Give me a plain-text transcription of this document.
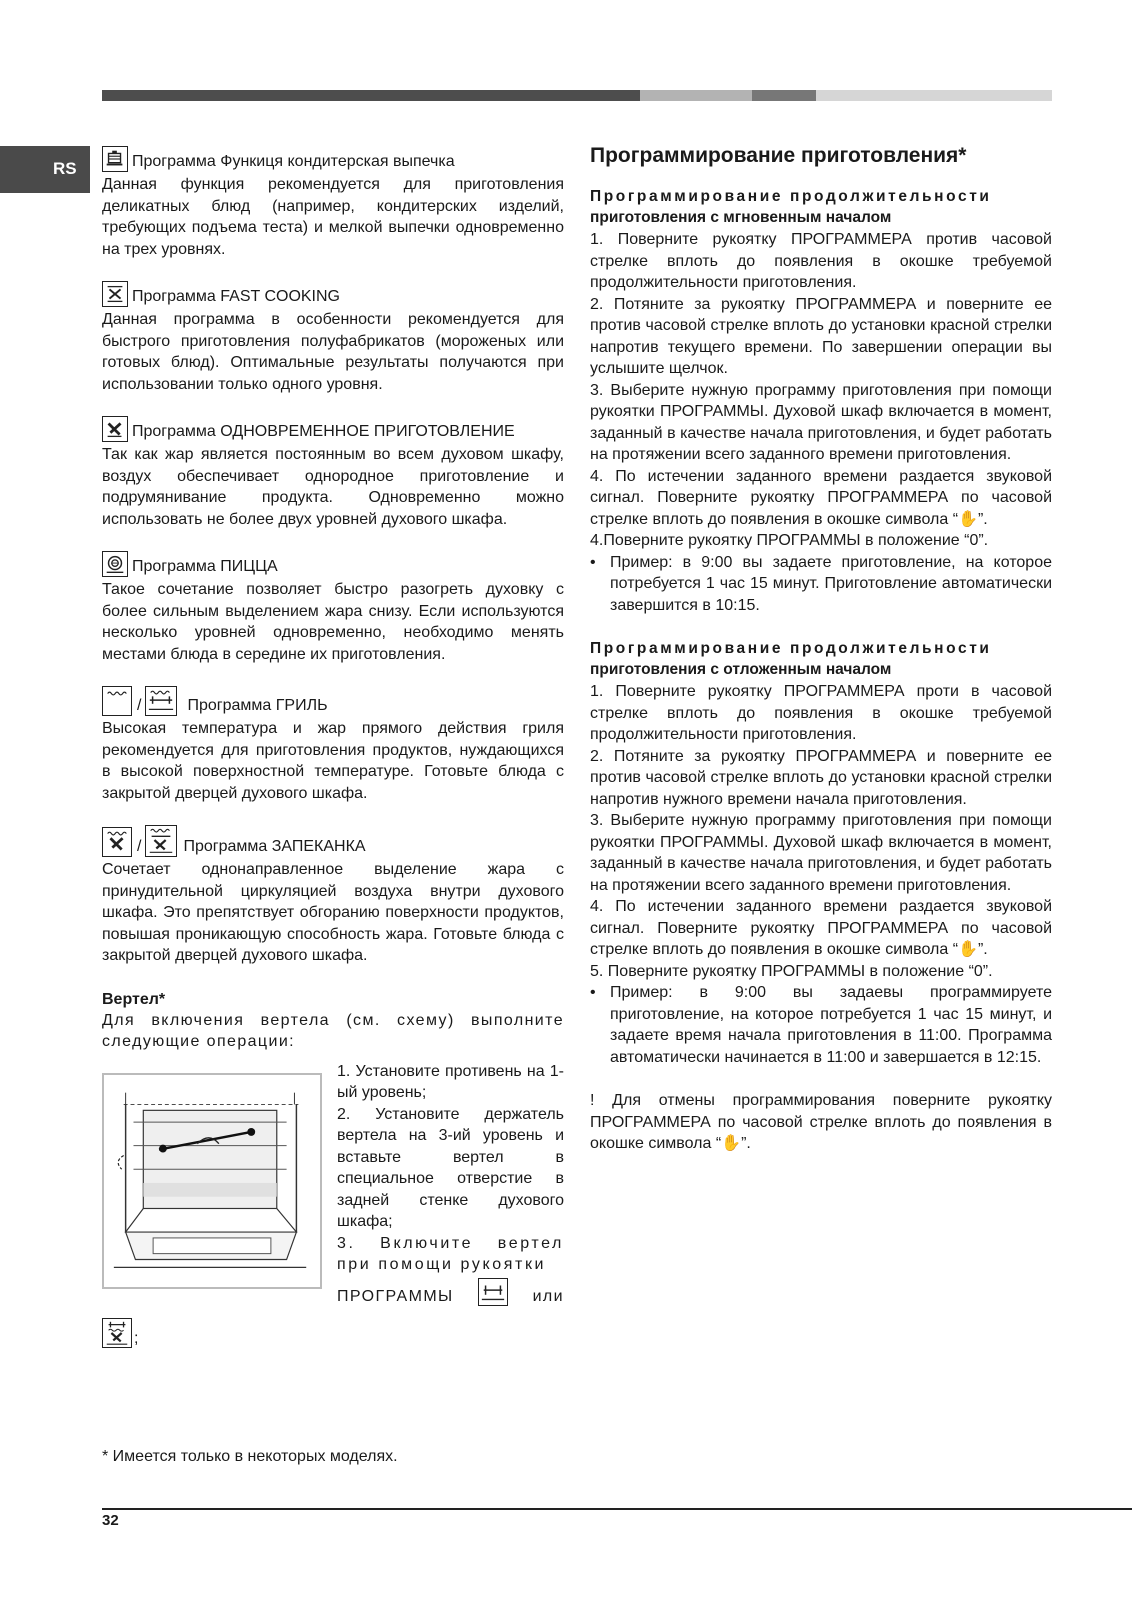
RS	Программа Функиця кондитерская выпечка

Данная функция рекомендуется для приготовления деликатных блюд (например, кондитерских изделий, требующих подъема теста) и мелкой выпечки одновременно на трех уровнях.

Программа FAST COOKING

Данная программа в особенности рекомендуется для быстрого приготовления полуфабрикатов (мороженых или готовых блюд). Оптимальные результаты получаются при использовании только одного уровня.

Программа ОДНОВРЕМЕННОЕ ПРИГОТОВЛЕНИЕ

Так как жар является постоянным во всем духовом шкафу, воздух обеспечивает однородное приготовление и подрумянивание продукта. Одновременно можно использовать не более двух уровней духового шкафа.

Программа ПИЦЦА

Такое сочетание позволяет быстро разогреть духовку с более сильным выделением жара снизу. Если используются несколько уровней одновременно, необходимо менять местами блюда в середине их приготовления.

/	Программа ГРИЛЬ

Высокая температура и жар прямого действия гриля рекомендуется для приготовления продуктов, нуждающихся в высокой поверхностной температуре. Готовьте блюда с закрытой дверцей духового шкафа.

/	Программа ЗАПЕКАНКА

Сочетает однонаправленное выделение жара с принудительной циркуляцией воздуха внутри духового шкафа. Это препятствует обгоранию поверхности продуктов, повышая проникающую способность жара. Готовьте блюда с закрытой дверцей духового шкафа.

Вертел*

Для включения вертела (см. схему) выполните следующие операции:

1. Установите противень на 1-ый уровень;

2. Установите держатель вертела на 3-ий уровень и вставьте вертел в специальное отверстие в задней стенке духового шкафа;

3. Включите вертел при помощи рукоятки

ПРОГРАММЫ	или
;
Программирование приготовления*
Программирование продолжительности
приготовления с мгновенным началом

1. Поверните рукоятку ПРОГРАММЕРА против часовой стрелке вплоть до появления в окошке требуемой продолжительности приготовления.

2. Потяните за рукоятку ПРОГРАММЕРА и поверните ее против часовой стрелке вплоть до установки красной стрелки напротив текущего времени. По завершении операции вы услышите щелчок.

3. Выберите нужную программу приготовления при помощи рукоятки ПРОГРАММЫ. Духовой шкаф включается в момент, заданный в качестве начала приготовления, и будет работать на протяжении всего заданного времени приготовления.

4. По истечении заданного времени раздается звуковой сигнал. Поверните рукоятку ПРОГРАММЕРА по часовой стрелке вплоть до появления в окошке символа “✋”.

4.Поверните рукоятку ПРОГРАММЫ в положение “0”.

• Пример: в 9:00 вы задаете приготовление, на которое потребуется 1 час 15 минут. Приготовление автоматически завершится в 10:15.

Программирование продолжительности
приготовления с отложенным началом

1. Поверните рукоятку ПРОГРАММЕРА проти в часовой стрелке вплоть до появления в окошке требуемой продолжительности приготовления.

2. Потяните за рукоятку ПРОГРАММЕРА и поверните ее против часовой стрелке вплоть до установки красной стрелки напротив нужного времени начала приготовления.

3. Выберите нужную программу приготовления при помощи рукоятки ПРОГРАММЫ. Духовой шкаф включается в момент, заданный в качестве начала приготовления, и будет работать на протяжении всего заданного времени приготовления.

4. По истечении заданного времени раздается звуковой сигнал. Поверните рукоятку ПРОГРАММЕРА по часовой стрелке вплоть до появления в окошке символа “✋”.

5. Поверните рукоятку ПРОГРАММЫ в положение “0”.

• Пример: в 9:00 вы задаевы программируете приготовление, на которое потребуется 1 час 15 минут, и задаете время начала приготовления в 11:00. Программа автоматически начинается в 11:00 и завершается в 12:15.

! Для отмены программирования поверните рукоятку ПРОГРАММЕРА по часовой стрелке вплоть до появления в окошке символа “✋”.

* Имеется только в некоторых моделях.
32
